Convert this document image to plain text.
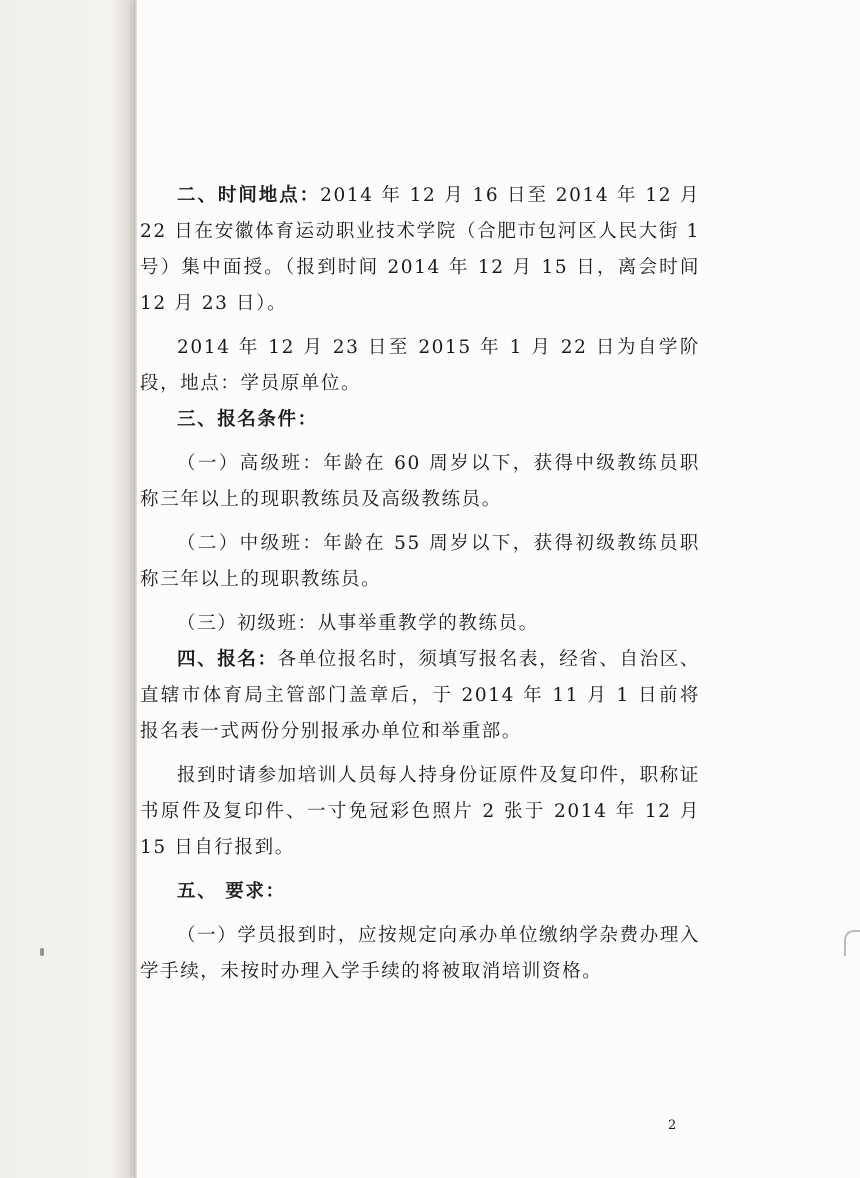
二、时间地点：2014 年 12 月 16 日至 2014 年 12 月 22 日在安徽体育运动职业技术学院（合肥市包河区人民大街 1 号）集中面授。（报到时间 2014 年 12 月 15 日，离会时间 12 月 23 日）。

2014 年 12 月 23 日至 2015 年 1 月 22 日为自学阶段，地点：学员原单位。

三、报名条件：

（一）高级班：年龄在 60 周岁以下，获得中级教练员职称三年以上的现职教练员及高级教练员。

（二）中级班：年龄在 55 周岁以下，获得初级教练员职称三年以上的现职教练员。

（三）初级班：从事举重教学的教练员。

四、报名：各单位报名时，须填写报名表，经省、自治区、直辖市体育局主管部门盖章后，于 2014 年 11 月 1 日前将报名表一式两份分别报承办单位和举重部。

报到时请参加培训人员每人持身份证原件及复印件，职称证书原件及复印件、一寸免冠彩色照片 2 张于 2014 年 12 月 15 日自行报到。

五、 要求：

（一）学员报到时，应按规定向承办单位缴纳学杂费办理入学手续，未按时办理入学手续的将被取消培训资格。

2
